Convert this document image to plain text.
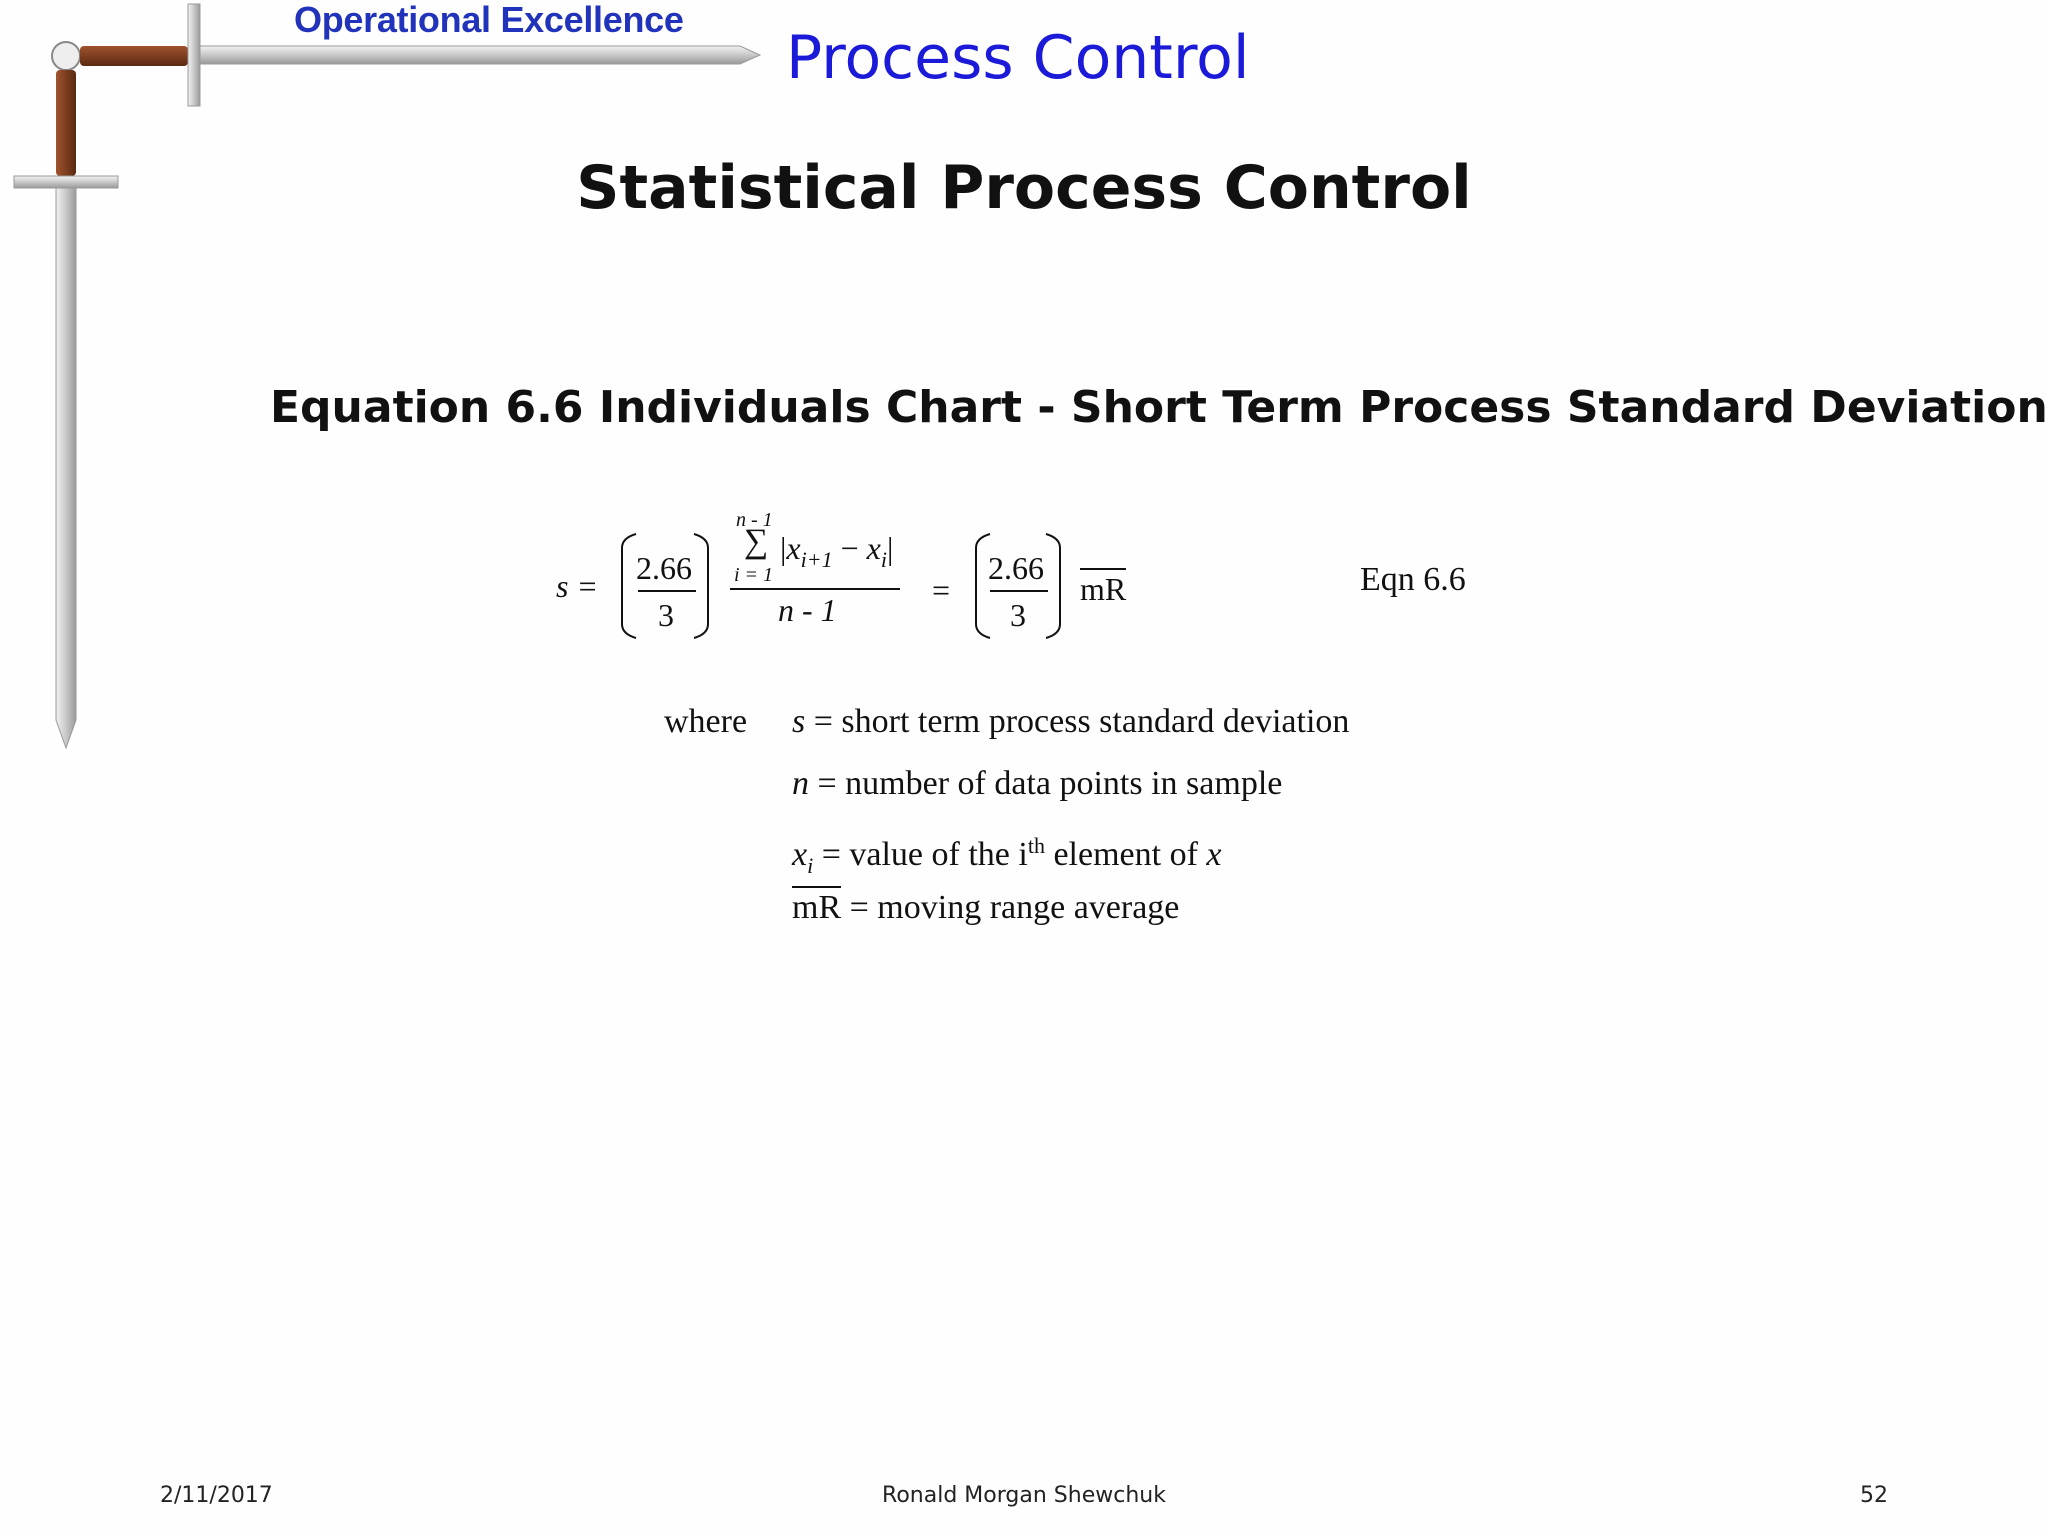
Operational Excellence
Process Control
Statistical Process Control
Equation 6.6 Individuals Chart - Short Term Process Standard Deviation
s = 2.66
3
n - 1
∑
i = 1
$|x_{i+1} - x_i|$
n - 1
=
2.66
3
mR	Eqn 6.6
where s = short term process standard deviation
n = number of data points in sample
$x_i$ = value of the $i^{th}$ element of x
mR = moving range average
2/11/2017	Ronald Morgan Shewchuk	52
